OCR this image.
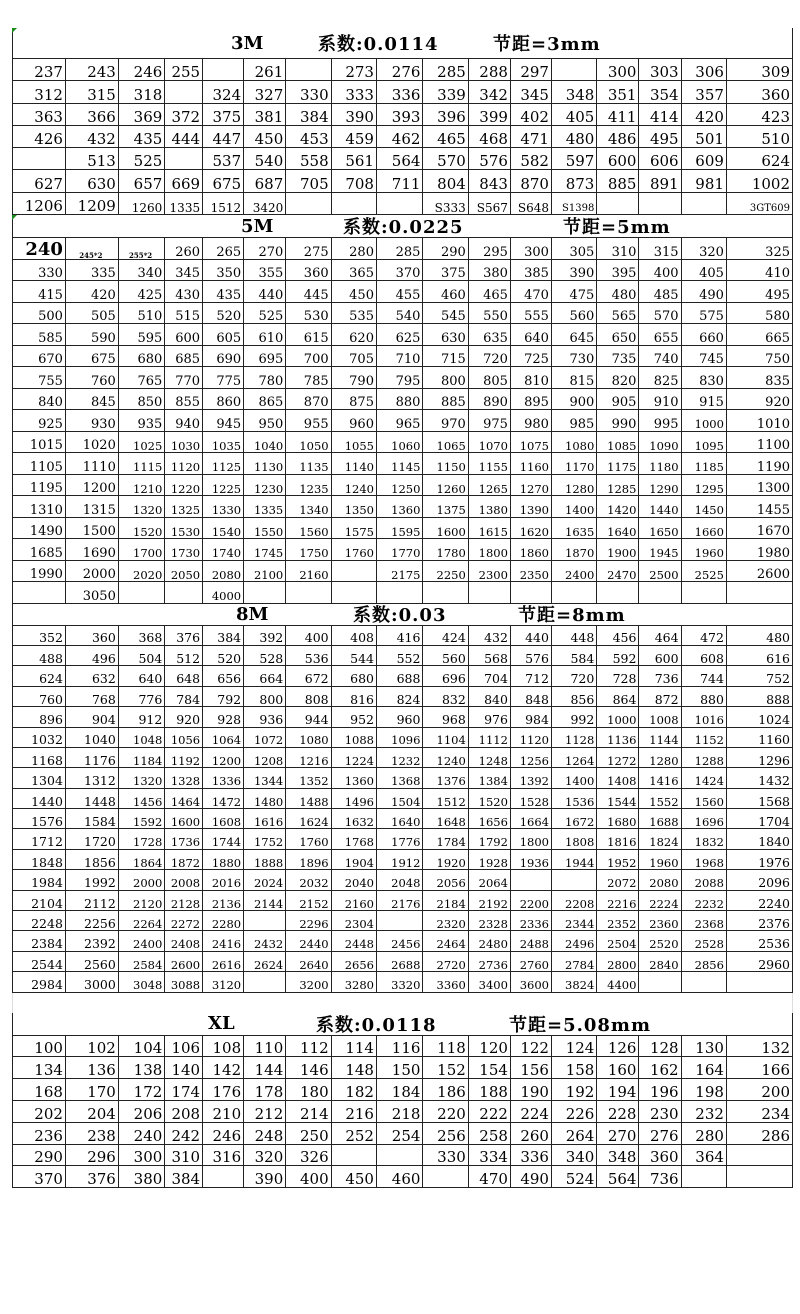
3M	系数:0.0114	节距=3mm
237	243	246	255		261		273	276	285	288	297		300	303	306	309
312	315	318		324	327	330	333	336	339	342	345	348	351	354	357	360
363	366	369	372	375	381	384	390	393	396	399	402	405	411	414	420	423
426	432	435	444	447	450	453	459	462	465	468	471	480	486	495	501	510
	513	525		537	540	558	561	564	570	576	582	597	600	606	609	624
627	630	657	669	675	687	705	708	711	804	843	870	873	885	891	981	1002
1206	1209	1260	1335	1512	3420				S333	S567	S648	S1398				3GT609
5M	系数:0.0225	节距=5mm
240	245*2	255*2	260	265	270	275	280	285	290	295	300	305	310	315	320	325
330	335	340	345	350	355	360	365	370	375	380	385	390	395	400	405	410
415	420	425	430	435	440	445	450	455	460	465	470	475	480	485	490	495
500	505	510	515	520	525	530	535	540	545	550	555	560	565	570	575	580
585	590	595	600	605	610	615	620	625	630	635	640	645	650	655	660	665
670	675	680	685	690	695	700	705	710	715	720	725	730	735	740	745	750
755	760	765	770	775	780	785	790	795	800	805	810	815	820	825	830	835
840	845	850	855	860	865	870	875	880	885	890	895	900	905	910	915	920
925	930	935	940	945	950	955	960	965	970	975	980	985	990	995	1000	1010
1015	1020	1025	1030	1035	1040	1050	1055	1060	1065	1070	1075	1080	1085	1090	1095	1100
1105	1110	1115	1120	1125	1130	1135	1140	1145	1150	1155	1160	1170	1175	1180	1185	1190
1195	1200	1210	1220	1225	1230	1235	1240	1250	1260	1265	1270	1280	1285	1290	1295	1300
1310	1315	1320	1325	1330	1335	1340	1350	1360	1375	1380	1390	1400	1420	1440	1450	1455
1490	1500	1520	1530	1540	1550	1560	1575	1595	1600	1615	1620	1635	1640	1650	1660	1670
1685	1690	1700	1730	1740	1745	1750	1760	1770	1780	1800	1860	1870	1900	1945	1960	1980
1990	2000	2020	2050	2080	2100	2160		2175	2250	2300	2350	2400	2470	2500	2525	2600
	3050			4000												
8M	系数:0.03	节距=8mm
352	360	368	376	384	392	400	408	416	424	432	440	448	456	464	472	480
488	496	504	512	520	528	536	544	552	560	568	576	584	592	600	608	616
624	632	640	648	656	664	672	680	688	696	704	712	720	728	736	744	752
760	768	776	784	792	800	808	816	824	832	840	848	856	864	872	880	888
896	904	912	920	928	936	944	952	960	968	976	984	992	1000	1008	1016	1024
1032	1040	1048	1056	1064	1072	1080	1088	1096	1104	1112	1120	1128	1136	1144	1152	1160
1168	1176	1184	1192	1200	1208	1216	1224	1232	1240	1248	1256	1264	1272	1280	1288	1296
1304	1312	1320	1328	1336	1344	1352	1360	1368	1376	1384	1392	1400	1408	1416	1424	1432
1440	1448	1456	1464	1472	1480	1488	1496	1504	1512	1520	1528	1536	1544	1552	1560	1568
1576	1584	1592	1600	1608	1616	1624	1632	1640	1648	1656	1664	1672	1680	1688	1696	1704
1712	1720	1728	1736	1744	1752	1760	1768	1776	1784	1792	1800	1808	1816	1824	1832	1840
1848	1856	1864	1872	1880	1888	1896	1904	1912	1920	1928	1936	1944	1952	1960	1968	1976
1984	1992	2000	2008	2016	2024	2032	2040	2048	2056	2064			2072	2080	2088	2096
2104	2112	2120	2128	2136	2144	2152	2160	2176	2184	2192	2200	2208	2216	2224	2232	2240
2248	2256	2264	2272	2280		2296	2304		2320	2328	2336	2344	2352	2360	2368	2376
2384	2392	2400	2408	2416	2432	2440	2448	2456	2464	2480	2488	2496	2504	2520	2528	2536
2544	2560	2584	2600	2616	2624	2640	2656	2688	2720	2736	2760	2784	2800	2840	2856	2960
2984	3000	3048	3088	3120		3200	3280	3320	3360	3400	3600	3824	4400			
XL	系数:0.0118	节距=5.08mm
100	102	104	106	108	110	112	114	116	118	120	122	124	126	128	130	132
134	136	138	140	142	144	146	148	150	152	154	156	158	160	162	164	166
168	170	172	174	176	178	180	182	184	186	188	190	192	194	196	198	200
202	204	206	208	210	212	214	216	218	220	222	224	226	228	230	232	234
236	238	240	242	246	248	250	252	254	256	258	260	264	270	276	280	286
290	296	300	310	316	320	326			330	334	336	340	348	360	364	
370	376	380	384		390	400	450	460		470	490	524	564	736		
